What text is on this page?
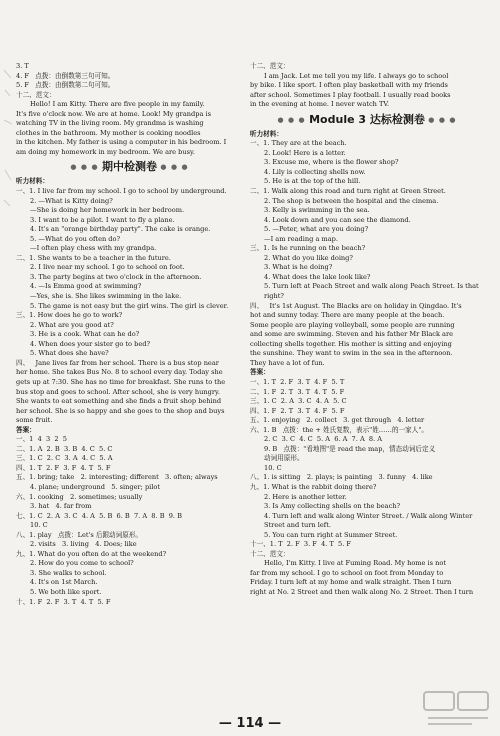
3. T
4. F   点拨：由倒数第三句可知。
5. F   点拨：由倒数第二句可知。
十二、范文：
Hello! I am Kitty. There are five people in my family.
It's five o'clock now. We are at home. Look! My grandpa is
watching TV in the living room. My grandma is washing
clothes in the bathroom. My mother is cooking noodles
in the kitchen. My father is using a computer in his bedroom. I
am doing my homework in my bedroom. We are busy.
● ● ● 期中检测卷 ● ● ●
听力材料：
一、1. I live far from my school. I go to school by underground.
2. —What is Kitty doing?
—She is doing her homework in her bedroom.
3. I want to be a pilot. I want to fly a plane.
4. It's an "orange birthday party". The cake is orange.
5. —What do you often do?
—I often play chess with my grandpa.
二、1. She wants to be a teacher in the future.
2. I live near my school. I go to school on foot.
3. The party begins at two o'clock in the afternoon.
4. —Is Emma good at swimming?
—Yes, she is. She likes swimming in the lake.
5. The game is not easy but the girl wins. The girl is clever.
三、1. How does he go to work?
2. What are you good at?
3. He is a cook. What can he do?
4. When does your sister go to bed?
5. What does she have?
四、   Jane lives far from her school. There is a bus stop near
her home. She takes Bus No. 8 to school every day. Today she
gets up at 7:30. She has no time for breakfast. She runs to the
bus stop and goes to school. After school, she is very hungry.
She wants to eat something and she finds a fruit shop behind
her school. She is so happy and she goes to the shop and buys
some fruit.
答案：
一、1  4  3  2  5
二、1. A  2. B  3. B  4. C  5. C
三、1. C  2. C  3. A  4. C  5. A
四、1. T  2. F  3. F  4. T  5. F
五、1. bring; take   2. interesting; different   3. often; always
4. plane; underground   5. singer; pilot
六、1. cooking   2. sometimes; usually
3. hat   4. far from
七、1. C  2. A  3. C  4. A  5. B  6. B  7. A  8. B  9. B
10. C
八、1. play   点拨：Let's 后跟动词原形。
2. visits   3. living   4. Does; like
九、1. What do you often do at the weekend?
2. How do you come to school?
3. She walks to school.
4. It's on 1st March.
5. We both like sport.
十、1. F  2. F  3. T  4. T  5. F
十二、范文：
I am Jack. Let me tell you my life. I always go to school
by bike. I like sport. I often play basketball with my friends
after school. Sometimes I play football. I usually read books
in the evening at home. I never watch TV.
● ● ● Module 3 达标检测卷 ● ● ●
听力材料：
一、1. They are at the beach.
2. Look! Here is a letter.
3. Excuse me, where is the flower shop?
4. Lily is collecting shells now.
5. He is at the top of the hill.
二、1. Walk along this road and turn right at Green Street.
2. The shop is between the hospital and the cinema.
3. Kelly is swimming in the sea.
4. Look down and you can see the diamond.
5. —Peter, what are you doing?
—I am reading a map.
三、1. Is he running on the beach?
2. What do you like doing?
3. What is he doing?
4. What does the lake look like?
5. Turn left at Peach Street and walk along Peach Street. Is that
right?
四、   It's 1st August. The Blacks are on holiday in Qingdao. It's
hot and sunny today. There are many people at the beach.
Some people are playing volleyball, some people are running
and some are swimming. Steven and his father Mr Black are
collecting shells together. His mother is sitting and enjoying
the sunshine. They want to swim in the sea in the afternoon.
They have a lot of fun.
答案：
一、1. T  2. F  3. T  4. F  5. T
二、1. F  2. T  3. T  4. T  5. F
三、1. C  2. A  3. C  4. A  5. C
四、1. F  2. T  3. T  4. F  5. F
五、1. enjoying   2. collect   3. get through   4. letter
六、1. B   点拨：the + 姓氏复数，表示"姓……的一家人"。
2. C  3. C  4. C  5. A  6. A  7. A  8. A
9. B   点拨："看地图"是 read the map，情态动词后定义
动词用原形。
10. C
八、1. is sitting   2. plays; is painting   3. funny   4. like
九、1. What is the rabbit doing there?
2. Here is another letter.
3. Is Amy collecting shells on the beach?
4. Turn left and walk along Winter Street. / Walk along Winter
Street and turn left.
5. You can turn right at Summer Street.
十一、1. T  2. F  3. F  4. T  5. F
十二、范文：
Hello, I'm Kitty. I live at Fuming Road. My home is not
far from my school. I go to school on foot from Monday to
Friday. I turn left at my home and walk straight. Then I turn
right at No. 2 Street and then walk along No. 2 Street. Then I turn
— 114 —
